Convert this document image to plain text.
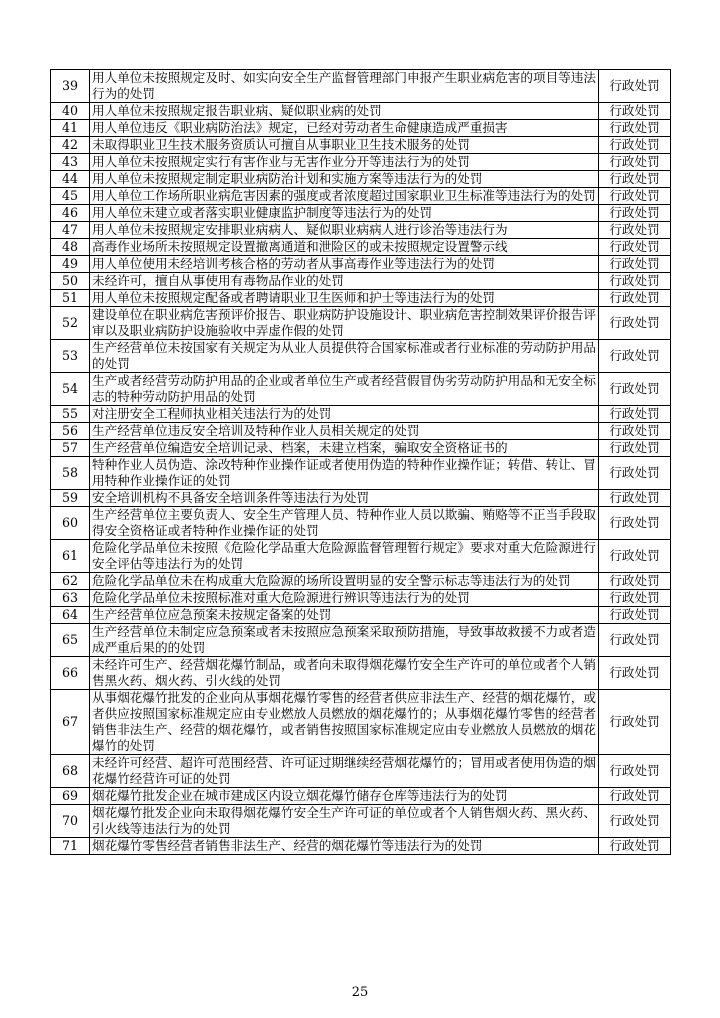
39	用人单位未按照规定及时、如实向安全生产监督管理部门申报产生职业病危害的项目等违法行为的处罚	行政处罚
40	用人单位未按照规定报告职业病、疑似职业病的处罚	行政处罚
41	用人单位违反《职业病防治法》规定，已经对劳动者生命健康造成严重损害	行政处罚
42	未取得职业卫生技术服务资质认可擅自从事职业卫生技术服务的处罚	行政处罚
43	用人单位未按照规定实行有害作业与无害作业分开等违法行为的处罚	行政处罚
44	用人单位未按照规定制定职业病防治计划和实施方案等违法行为的处罚	行政处罚
45	用人单位工作场所职业病危害因素的强度或者浓度超过国家职业卫生标准等违法行为的处罚	行政处罚
46	用人单位未建立或者落实职业健康监护制度等违法行为的处罚	行政处罚
47	用人单位未按照规定安排职业病病人、疑似职业病病人进行诊治等违法行为	行政处罚
48	高毒作业场所未按照规定设置撤离通道和泄险区的或未按照规定设置警示线	行政处罚
49	用人单位使用未经培训考核合格的劳动者从事高毒作业等违法行为的处罚	行政处罚
50	未经许可，擅自从事使用有毒物品作业的处罚	行政处罚
51	用人单位未按照规定配备或者聘请职业卫生医师和护士等违法行为的处罚	行政处罚
52	建设单位在职业病危害预评价报告、职业病防护设施设计、职业病危害控制效果评价报告评审以及职业病防护设施验收中弄虚作假的处罚	行政处罚
53	生产经营单位未按国家有关规定为从业人员提供符合国家标准或者行业标准的劳动防护用品的处罚	行政处罚
54	生产或者经营劳动防护用品的企业或者单位生产或者经营假冒伪劣劳动防护用品和无安全标志的特种劳动防护用品的处罚	行政处罚
55	对注册安全工程师执业相关违法行为的处罚	行政处罚
56	生产经营单位违反安全培训及特种作业人员相关规定的处罚	行政处罚
57	生产经营单位编造安全培训记录、档案，未建立档案，骗取安全资格证书的	行政处罚
58	特种作业人员伪造、涂改特种作业操作证或者使用伪造的特种作业操作证；转借、转让、冒用特种作业操作证的处罚	行政处罚
59	安全培训机构不具备安全培训条件等违法行为处罚	行政处罚
60	生产经营单位主要负责人、安全生产管理人员、特种作业人员以欺骗、贿赂等不正当手段取得安全资格证或者特种作业操作证的处罚	行政处罚
61	危险化学品单位未按照《危险化学品重大危险源监督管理暂行规定》要求对重大危险源进行安全评估等违法行为的处罚	行政处罚
62	危险化学品单位未在构成重大危险源的场所设置明显的安全警示标志等违法行为的处罚	行政处罚
63	危险化学品单位未按照标准对重大危险源进行辨识等违法行为的处罚	行政处罚
64	生产经营单位应急预案未按规定备案的处罚	行政处罚
65	生产经营单位未制定应急预案或者未按照应急预案采取预防措施，导致事故救援不力或者造成严重后果的的处罚	行政处罚
66	未经许可生产、经营烟花爆竹制品，或者向未取得烟花爆竹安全生产许可的单位或者个人销售黑火药、烟火药、引火线的处罚	行政处罚
67	从事烟花爆竹批发的企业向从事烟花爆竹零售的经营者供应非法生产、经营的烟花爆竹，或者供应按照国家标准规定应由专业燃放人员燃放的烟花爆竹的；从事烟花爆竹零售的经营者销售非法生产、经营的烟花爆竹，或者销售按照国家标准规定应由专业燃放人员燃放的烟花爆竹的处罚	行政处罚
68	未经许可经营、超许可范围经营、许可证过期继续经营烟花爆竹的；冒用或者使用伪造的烟花爆竹经营许可证的处罚	行政处罚
69	烟花爆竹批发企业在城市建成区内设立烟花爆竹储存仓库等违法行为的处罚	行政处罚
70	烟花爆竹批发企业向未取得烟花爆竹安全生产许可证的单位或者个人销售烟火药、黑火药、引火线等违法行为的处罚	行政处罚
71	烟花爆竹零售经营者销售非法生产、经营的烟花爆竹等违法行为的处罚	行政处罚
25
